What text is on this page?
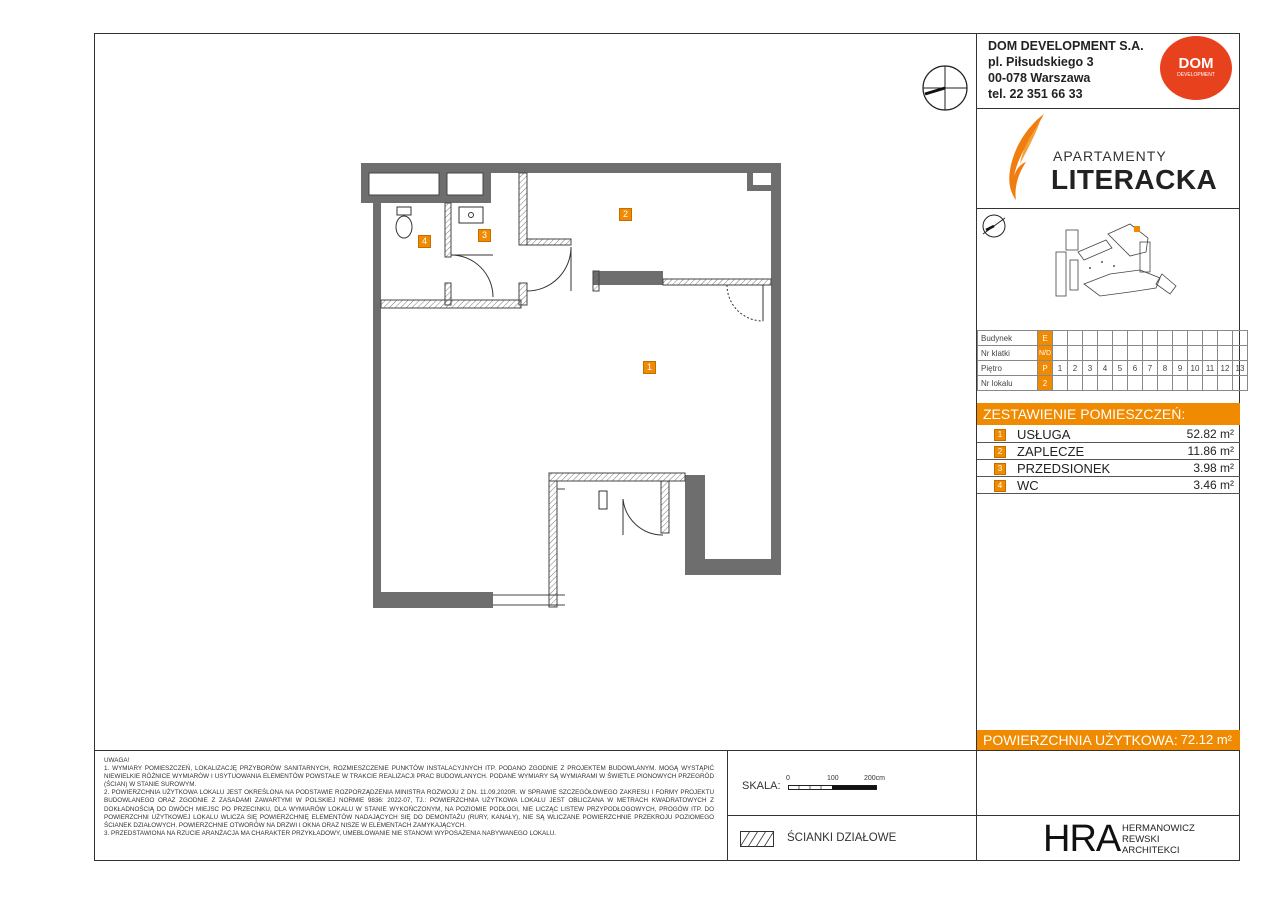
DOM DEVELOPMENT S.A.
pl. Piłsudskiego 3
00-078 Warszawa
tel. 22 351 66 33
DOM
DEVELOPMENT
APARTAMENTY
LITERACKA
Budynek	E													
Nr klatki	N/D													
Piętro	P	1	2	3	4	5	6	7	8	9	10	11	12	13
Nr lokalu	2													
ZESTAWIENIE POMIESZCZEŃ:
1 USŁUGA	52.82 m²
2 ZAPLECZE	11.86 m²
3 PRZEDSIONEK	3.98 m²
4 WC	3.46 m²
POWIERZCHNIA UŻYTKOWA: 72.12 m²
UWAGA!
1. WYMIARY POMIESZCZEŃ, LOKALIZACJĘ PRZYBORÓW SANITARNYCH, ROZMIESZCZENIE PUNKTÓW INSTALACYJNYCH ITP. PODANO ZGODNIE Z PROJEKTEM BUDOWLANYM. MOGĄ WYSTĄPIĆ NIEWIELKIE RÓŻNICE WYMIARÓW I USYTUOWANIA ELEMENTÓW POWSTAŁE W TRAKCIE REALIZACJI PRAC BUDOWLANYCH. PODANE WYMIARY SĄ WYMIARAMI W ŚWIETLE PIONOWYCH PRZEGRÓD (ŚCIAN) W STANIE SUROWYM.
2. POWIERZCHNIA UŻYTKOWA LOKALU JEST OKREŚLONA NA PODSTAWIE ROZPORZĄDZENIA MINISTRA ROZWOJU Z DN. 11.09.2020R. W SPRAWIE SZCZEGÓŁOWEGO ZAKRESU I FORMY PROJEKTU BUDOWLANEGO ORAZ ZGODNIE Z ZASADAMI ZAWARTYMI W POLSKIEJ NORMIE 9836: 2022-07, TJ.: POWIERZCHNIA UŻYTKOWA LOKALU JEST OBLICZANA W METRACH KWADRATOWYCH Z DOKŁADNOŚCIĄ DO DWÓCH MIEJSC PO PRZECINKU, DLA WYMIARÓW LOKALU W STANIE WYKOŃCZONYM, NA POZIOMIE PODŁOGI, NIE LICZĄC LISTEW PRZYPODŁOGOWYCH, PROGÓW ITP. DO POWIERZCHNI UŻYTKOWEJ LOKALU WLICZA SIĘ POWIERZCHNIĘ ELEMENTÓW NADAJĄCYCH SIĘ DO DEMONTAŻU (RURY, KANAŁY), NIE SĄ WLICZANE POWIERZCHNIE PRZEKROJU POZIOMEGO ŚCIANEK DZIAŁOWYCH. POWIERZCHNIE OTWORÓW NA DRZWI I OKNA ORAZ NISZE W ELEMENTACH ZAMYKAJĄCYCH.
3. PRZEDSTAWIONA NA RZUCIE ARANŻACJA MA CHARAKTER PRZYKŁADOWY, UMEBLOWANIE NIE STANOWI WYPOSAŻENIA NABYWANEGO LOKALU.
SKALA:
0	100	200cm
ŚCIANKI DZIAŁOWE	HRA HERMANOWICZ
REWSKI
ARCHITEKCI
1
2
3
4
